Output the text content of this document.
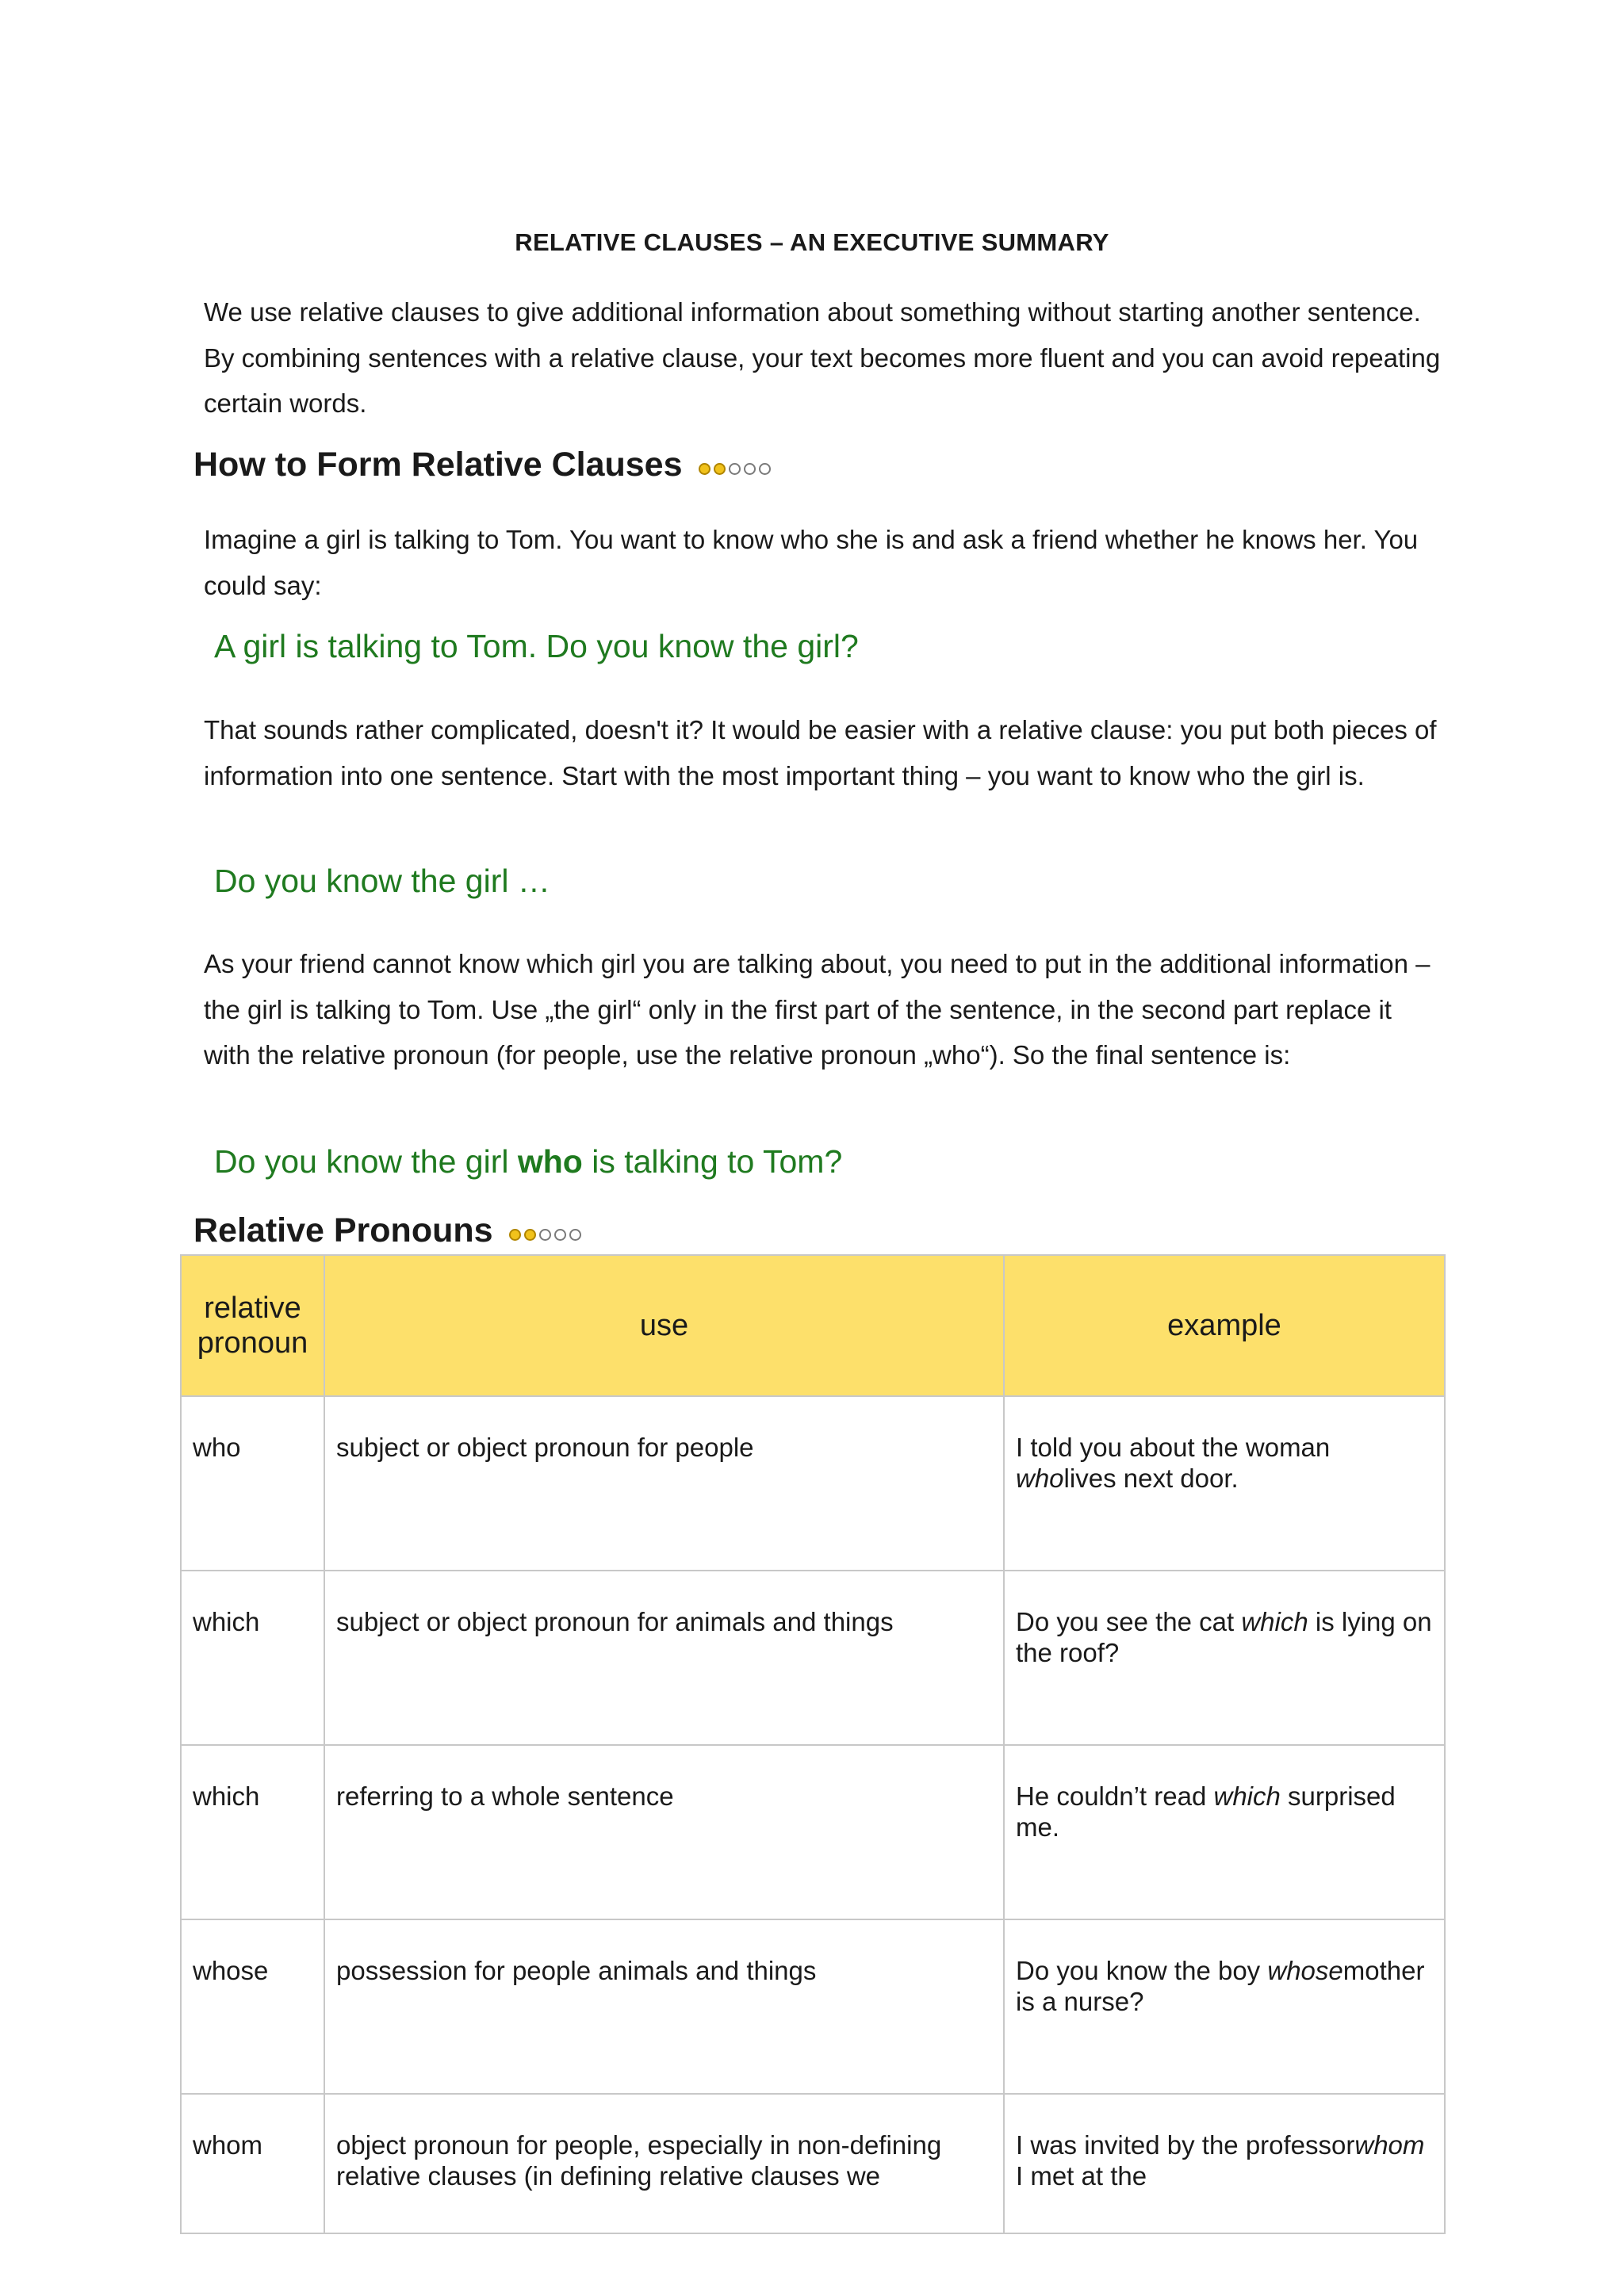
RELATIVE CLAUSES – AN EXECUTIVE SUMMARY

We use relative clauses to give additional information about something without starting another sentence. By combining sentences with a relative clause, your text becomes more fluent and you can avoid repeating certain words.

How to Form Relative Clauses

Imagine a girl is talking to Tom. You want to know who she is and ask a friend whether he knows her. You could say:

A girl is talking to Tom. Do you know the girl?

That sounds rather complicated, doesn't it? It would be easier with a relative clause: you put both pieces of information into one sentence. Start with the most important thing – you want to know who the girl is.

Do you know the girl …

As your friend cannot know which girl you are talking about, you need to put in the additional information – the girl is talking to Tom. Use „the girl“ only in the first part of the sentence, in the second part replace it with the relative pronoun (for people, use the relative pronoun „who“). So the final sentence is:

Do you know the girl who is talking to Tom?

Relative Pronouns
relative pronoun	use	example
who	subject or object pronoun for people	I told you about the woman wholives next door.
which	subject or object pronoun for animals and things	Do you see the cat which is lying on the roof?
which	referring to a whole sentence	He couldn’t read which surprised me.
whose	possession for people animals and things	Do you know the boy whosemother is a nurse?
whom	object pronoun for people, especially in non-defining relative clauses (in defining relative clauses we	I was invited by the professorwhom I met at the
